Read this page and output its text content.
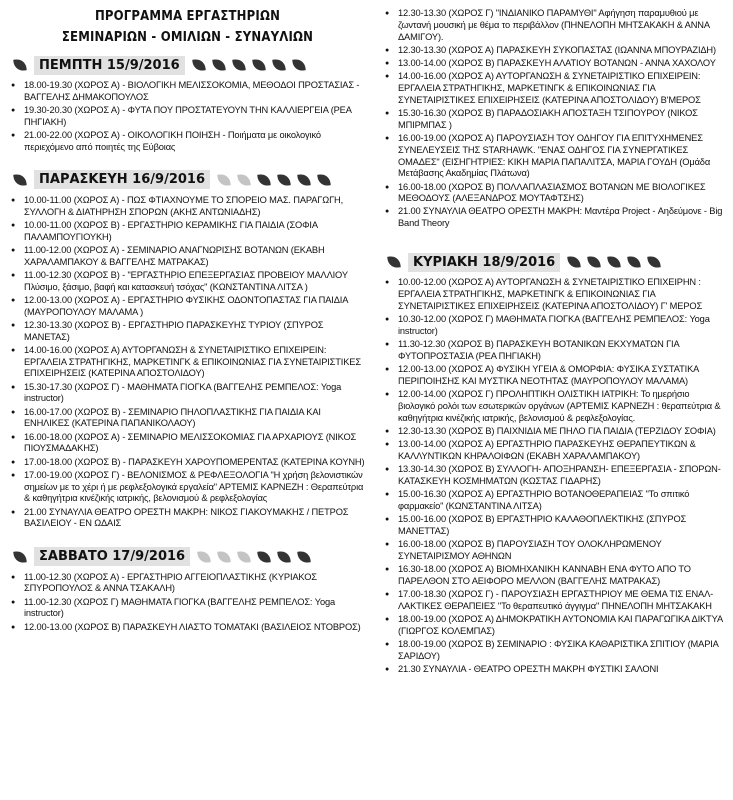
ΠΡΟΓΡΑΜΜΑ ΕΡΓΑΣΤΗΡΙΩΝ
ΣΕΜΙΝΑΡΙΩΝ - ΟΜΙΛΙΩΝ - ΣΥΝΑΥΛΙΩΝ
ΠΕΜΠΤΗ 15/9/2016
● 18.00-19.30 (ΧΩΡΟΣ Α) - ΒΙΟΛΟΓΙΚΗ ΜΕΛΙΣΣΟΚΟΜΙΑ, ΜΕΘΟΔΟΙ ΠΡΟΣΤΑΣΙΑΣ - ΒΑΓΓΕΛΗΣ ΔΗΜΑΚΟΠΟΥΛΟΣ
● 19.30-20.30 (ΧΩΡΟΣ Α) - ΦΥΤΑ ΠΟΥ ΠΡΟΣΤΑΤΕΥΟΥΝ ΤΗΝ ΚΑΛΛΙΕΡΓΕΙΑ (ΡΕΑ ΠΗΓΙΑΚΗ)
● 21.00-22.00 (ΧΩΡΟΣ Α) - ΟΙΚΟΛΟΓΙΚΗ ΠΟΙΗΣΗ - Ποιήματα με οικολογικό περιεχόμενο από ποιητές της Εύβοιας
ΠΑΡΑΣΚΕΥΗ 16/9/2016
● 10.00-11.00 (ΧΩΡΟΣ Α) - ΠΩΣ ΦΤΙΑΧΝΟΥΜΕ ΤΟ ΣΠΟΡΕΙΟ ΜΑΣ. ΠΑΡΑΓΩΓΗ, ΣΥΛΛΟΓΗ & ΔΙΑΤΗΡΗΣΗ ΣΠΟΡΩΝ (ΑΚΗΣ ΑΝΤΩΝΙΑΔΗΣ)
● 10.00-11.00 (ΧΩΡΟΣ Β) - ΕΡΓΑΣΤΗΡΙΟ ΚΕΡΑΜΙΚΗΣ ΓΙΑ ΠΑΙΔΙΑ (ΣΟΦΙΑ ΠΑΛΑΜΠΟΥΓΙΟΥΚΗ)
● 11.00-12.00 (ΧΩΡΟΣ Α) - ΣΕΜΙΝΑΡΙΟ ΑΝΑΓΝΩΡΙΣΗΣ ΒΟΤΑΝΩΝ (ΕΚΑΒΗ ΧΑΡΑΛΑΜΠΑΚΟΥ & ΒΑΓΓΕΛΗΣ ΜΑΤΡΑΚΑΣ)
● 11.00-12.30 (ΧΩΡΟΣ Β) - "ΕΡΓΑΣΤΗΡΙΟ ΕΠΕΞΕΡΓΑΣΙΑΣ ΠΡΟΒΕΙΟΥ ΜΑΛΛΙΟΥ Πλύσιμο, ξάσιμο, βαφή και κατασκευή τσόχας" (ΚΩΝΣΤΑΝΤΙΝΑ ΛΙΤΣΑ )
● 12.00-13.00 (ΧΩΡΟΣ Α) - ΕΡΓΑΣΤΗΡΙΟ ΦΥΣΙΚΗΣ ΟΔΟΝΤΟΠΑΣΤΑΣ ΓΙΑ ΠΑΙΔΙΑ (ΜΑΥΡΟΠΟΥΛΟΥ ΜΑΛΑΜΑ )
● 12.30-13.30 (ΧΩΡΟΣ Β) - ΕΡΓΑΣΤΗΡΙΟ ΠΑΡΑΣΚΕΥΗΣ ΤΥΡΙΟΥ (ΣΠΥΡΟΣ ΜΑΝΕΤΑΣ)
● 14.00-16.00 (ΧΩΡΟΣ Α) ΑΥΤΟΡΓΑΝΩΣΗ & ΣΥΝΕΤΑΙΡΙΣΤΙΚΟ ΕΠΙΧΕΙΡΕΙΝ: ΕΡΓΑΛΕΙΑ ΣΤΡΑΤΗΓΙΚΗΣ, ΜΑΡΚΕΤΙΝΓΚ & ΕΠΙΚΟΙΝΩΝΙΑΣ ΓΙΑ ΣΥΝΕΤΑΙΡΙΣΤΙΚΕΣ ΕΠΙΧΕΙΡΗΣΕΙΣ (ΚΑΤΕΡΙΝΑ ΑΠΟΣΤΟΛΙΔΟΥ)
● 15.30-17.30 (ΧΩΡΟΣ Γ) - ΜΑΘΗΜΑΤΑ ΓΙΟΓΚΑ (ΒΑΓΓΕΛΗΣ ΡΕΜΠΕΛΟΣ: Yoga instructor)
● 16.00-17.00 (ΧΩΡΟΣ Β) - ΣΕΜΙΝΑΡΙΟ ΠΗΛΟΠΛΑΣΤΙΚΗΣ ΓΙΑ ΠΑΙΔΙΑ ΚΑΙ ΕΝΗΛΙΚΕΣ (ΚΑΤΕΡΙΝΑ ΠΑΠΑΝΙΚΟΛΑΟΥ)
● 16.00-18.00 (ΧΩΡΟΣ Α) - ΣΕΜΙΝΑΡΙΟ ΜΕΛΙΣΣΟΚΟΜΙΑΣ ΓΙΑ ΑΡΧΑΡΙΟΥΣ (ΝΙΚΟΣ ΠΙΟΥΣΜΑΔΑΚΗΣ)
● 17.00-18.00 (ΧΩΡΟΣ Β) - ΠΑΡΑΣΚΕΥΗ ΧΑΡΟΥΠΟΜΕΡΕΝΤΑΣ (ΚΑΤΕΡΙΝΑ ΚΟΥΝΗ)
● 17.00-19.00 (ΧΩΡΟΣ Γ) - ΒΕΛΟΝΙΣΜΟΣ & ΡΕΦΛΕΞΟΛΟΓΙΑ "Η χρήση βελονιστικών σημείων με το χέρι ή με ρεφλεξολογικά εργαλεία" ΑΡΤΕΜΙΣ ΚΑΡΝΕΖΗ : Θεραπεύτρια & καθηγήτρια κινέζικής ιατρικής, βελονισμού & ρεφλεξολογίας
● 21.00 ΣΥΝΑΥΛΙΑ ΘΕΑΤΡΟ ΟΡΕΣΤΗ ΜΑΚΡΗ: ΝΙΚΟΣ ΓΙΑΚΟΥΜΑΚΗΣ / ΠΕΤΡΟΣ ΒΑΣΙΛΕΙΟΥ - ΕΝ ΩΔΑΙΣ
ΣΑΒΒΑΤΟ 17/9/2016
● 11.00-12.30 (ΧΩΡΟΣ Α) - ΕΡΓΑΣΤΗΡΙΟ ΑΓΓΕΙΟΠΛΑΣΤΙΚΗΣ (ΚΥΡΙΑΚΟΣ ΣΠΥΡΟΠΟΥΛΟΣ & ΑΝΝΑ ΤΣΑΚΑΛΗ)
● 11.00-12.30 (ΧΩΡΟΣ Γ) ΜΑΘΗΜΑΤΑ ΓΙΟΓΚΑ (ΒΑΓΓΕΛΗΣ ΡΕΜΠΕΛΟΣ: Yoga instructor)
● 12.00-13.00 (ΧΩΡΟΣ Β) ΠΑΡΑΣΚΕΥΗ ΛΙΑΣΤΟ ΤΟΜΑΤΑΚΙ (ΒΑΣΙΛΕΙΟΣ ΝΤΟΒΡΟΣ)
● 12.30-13.30 (ΧΩΡΟΣ Γ) "ΙΝΔΙΑΝΙΚΟ ΠΑΡΑΜΥΘΙ" Αφήγηση παραμυθιού με ζωντανή μουσική με θέμα το περιβάλλον (ΠΗΝΕΛΟΠΗ ΜΗΤΣΑΚΑΚΗ & ΑΝΝΑ ΔΑΜΙΓΟΥ).
● 12.30-13.30 (ΧΩΡΟΣ Α) ΠΑΡΑΣΚΕΥΗ ΣΥΚΟΠΑΣΤΑΣ (ΙΩΑΝΝΑ ΜΠΟΥΡΑΖΙΔΗ)
● 13.00-14.00 (ΧΩΡΟΣ Β) ΠΑΡΑΣΚΕΥΗ ΑΛΑΤΙΟΥ ΒΟΤΑΝΩΝ - ΑΝΝΑ ΧΑΧΟΛΟΥ
● 14.00-16.00 (ΧΩΡΟΣ Α) ΑΥΤΟΡΓΑΝΩΣΗ & ΣΥΝΕΤΑΙΡΙΣΤΙΚΟ ΕΠΙΧΕΙΡΕΙΝ: ΕΡΓΑΛΕΙΑ ΣΤΡΑΤΗΓΙΚΗΣ, ΜΑΡΚΕΤΙΝΓΚ & ΕΠΙΚΟΙΝΩΝΙΑΣ ΓΙΑ ΣΥΝΕΤΑΙΡΙΣΤΙΚΕΣ ΕΠΙΧΕΙΡΗΣΕΙΣ (ΚΑΤΕΡΙΝΑ ΑΠΟΣΤΟΛΙΔΟΥ) Β'ΜΕΡΟΣ
● 15.30-16.30 (ΧΩΡΟΣ Β) ΠΑΡΑΔΟΣΙΑΚΗ ΑΠΟΣΤΑΞΗ ΤΣΙΠΟΥΡΟΥ (ΝΙΚΟΣ ΜΠΙΡΜΠΑΣ )
● 16.00-19.00 (ΧΩΡΟΣ Α) ΠΑΡΟΥΣΙΑΣΗ ΤΟΥ ΟΔΗΓΟΥ ΓΙΑ ΕΠΙΤΥΧΗΜΕΝΕΣ ΣΥΝΕΛΕΥΣΕΙΣ ΤΗΣ STARHAWK. "ΕΝΑΣ ΟΔΗΓΟΣ ΓΙΑ ΣΥΝΕΡΓΑΤΙΚΕΣ ΟΜΑΔΕΣ" (ΕΙΣΗΓΗΤΡΙΕΣ: ΚΙΚΗ ΜΑΡΙΑ ΠΑΠΑΛΙΤΣΑ, ΜΑΡΙΑ ΓΟΥΔΗ (Ομάδα Μετάβασης Ακαδημίας Πλάτωνα)
● 16.00-18.00 (ΧΩΡΟΣ Β) ΠΟΛΛΑΠΛΑΣΙΑΣΜΟΣ ΒΟΤΑΝΩΝ ΜΕ ΒΙΟΛΟΓΙΚΕΣ ΜΕΘΟΔΟΥΣ (ΑΛΕΞΑΝΔΡΟΣ ΜΟΥΤΑΦΤΣΗΣ)
● 21.00 ΣΥΝΑΥΛΙΑ ΘΕΑΤΡΟ ΟΡΕΣΤΗ ΜΑΚΡΗ: Μαντέρα Project - Αηδεύμονε - Big Band Theory
ΚΥΡΙΑΚΗ 18/9/2016
● 10.00-12.00 (ΧΩΡΟΣ Α) ΑΥΤΟΡΓΑΝΩΣΗ & ΣΥΝΕΤΑΙΡΙΣΤΙΚΟ ΕΠΙΧΕΙΡΗΝ : ΕΡΓΑΛΕΙΑ ΣΤΡΑΤΗΓΙΚΗΣ, ΜΑΡΚΕΤΙΝΓΚ & ΕΠΙΚΟΙΝΩΝΙΑΣ ΓΙΑ ΣΥΝΕΤΑΙΡΙΣΤΙΚΕΣ ΕΠΙΧΕΙΡΗΣΕΙΣ (ΚΑΤΕΡΙΝΑ ΑΠΟΣΤΟΛΙΔΟΥ) Γ' ΜΕΡΟΣ
● 10.30-12.00 (ΧΩΡΟΣ Γ) ΜΑΘΗΜΑΤΑ ΓΙΟΓΚΑ (ΒΑΓΓΕΛΗΣ ΡΕΜΠΕΛΟΣ: Yoga instructor)
● 11.30-12.30 (ΧΩΡΟΣ Β) ΠΑΡΑΣΚΕΥΗ ΒΟΤΑΝΙΚΩΝ ΕΚΧΥΜΑΤΩΝ ΓΙΑ ΦΥΤΟΠΡΟΣΤΑΣΙΑ (ΡΕΑ ΠΗΓΙΑΚΗ)
● 12.00-13.00 (ΧΩΡΟΣ Α) ΦΥΣΙΚΗ ΥΓΕΙΑ & ΟΜΟΡΦΙΑ: ΦΥΣΙΚΑ ΣΥΣΤΑΤΙΚΑ ΠΕΡΙΠΟΙΗΣΗΣ ΚΑΙ ΜΥΣΤΙΚΑ ΝΕΟΤΗΤΑΣ (ΜΑΥΡΟΠΟΥΛΟΥ ΜΑΛΑΜΑ)
● 12.00-14.00 (ΧΩΡΟΣ Γ) ΠΡΟΛΗΠΤΙΚΗ ΟΛΙΣΤΙΚΗ ΙΑΤΡΙΚΗ: Το ημερήσιο βιολογικό ρολόι των εσωτερικών οργάνων (ΑΡΤΕΜΙΣ ΚΑΡΝΕΖΗ : θεραπεύτρια & καθηγήτρια κινέζικής ιατρικής, βελονισμού & ρεφλεξολογίας.
● 12.30-13.30 (ΧΩΡΟΣ Β) ΠΑΙΧΝΙΔΙΑ ΜΕ ΠΗΛΟ ΓΙΑ ΠΑΙΔΙΑ (ΤΕΡΖΙΔΟΥ ΣΟΦΙΑ)
● 13.00-14.00 (ΧΩΡΟΣ Α) ΕΡΓΑΣΤΗΡΙΟ ΠΑΡΑΣΚΕΥΗΣ ΘΕΡΑΠΕΥΤΙΚΩΝ & ΚΑΛΛΥΝΤΙΚΩΝ ΚΗΡΑΛΟΙΦΩΝ (ΕΚΑΒΗ ΧΑΡΑΛΑΜΠΑΚΟΥ)
● 13.30-14.30 (ΧΩΡΟΣ Β) ΣΥΛΛΟΓΗ- ΑΠΟΞΗΡΑΝΣΗ- ΕΠΕΞΕΡΓΑΣΙΑ - ΣΠΟΡΩΝ-ΚΑΤΑΣΚΕΥΗ ΚΟΣΜΗΜΑΤΩΝ (ΚΩΣΤΑΣ ΓΙΔΑΡΗΣ)
● 15.00-16.30 (ΧΩΡΟΣ Α) ΕΡΓΑΣΤΗΡΙΟ ΒΟΤΑΝΟΘΕΡΑΠΕΙΑΣ "Το σπιτικό φαρμακείο" (ΚΩΝΣΤΑΝΤΙΝΑ ΛΙΤΣΑ)
● 15.00-16.00 (ΧΩΡΟΣ Β) ΕΡΓΑΣΤΗΡΙΟ ΚΑΛΑΘΟΠΛΕΚΤΙΚΗΣ (ΣΠΥΡΟΣ ΜΑΝΕΤΤΑΣ)
● 16.00-18.00 (ΧΩΡΟΣ Β) ΠΑΡΟΥΣΙΑΣΗ ΤΟΥ ΟΛΟΚΛΗΡΩΜΕΝΟΥ ΣΥΝΕΤΑΙΡΙΣΜΟΥ ΑΘΗΝΩΝ
● 16.30-18.00 (ΧΩΡΟΣ Α) ΒΙΟΜΗΧΑΝΙΚΗ ΚΑΝΝΑΒΗ ΕΝΑ ΦΥΤΟ ΑΠΟ ΤΟ ΠΑΡΕΛΘΟΝ ΣΤΟ ΑΕΙΦΟΡΟ ΜΕΛΛΟΝ (ΒΑΓΓΕΛΗΣ ΜΑΤΡΑΚΑΣ)
● 17.00-18.30 (ΧΩΡΟΣ Γ) - ΠΑΡΟΥΣΙΑΣΗ ΕΡΓΑΣΤΗΡΙΟΥ ΜΕ ΘΕΜΑ ΤΙΣ ΕΝΑΛ-ΛΑΚΤΙΚΕΣ ΘΕΡΑΠΕΙΕΣ "Το θεραπευτικό άγγιγμα" ΠΗΝΕΛΟΠΗ ΜΗΤΣΑΚΑΚΗ
● 18.00-19.00 (ΧΩΡΟΣ Α) ΔΗΜΟΚΡΑΤΙΚΗ ΑΥΤΟΝΟΜΙΑ ΚΑΙ ΠΑΡΑΓΩΓΙΚΑ ΔΙΚΤΥΑ (ΓΙΩΡΓΟΣ ΚΟΛΕΜΠΑΣ)
● 18.00-19.00 (ΧΩΡΟΣ Β) ΣΕΜΙΝΑΡΙΟ : ΦΥΣΙΚΑ ΚΑΘΑΡΙΣΤΙΚΑ ΣΠΙΤΙΟΥ (ΜΑΡΙΑ ΣΑΡΙΔΟΥ)
● 21.30 ΣΥΝΑΥΛΙΑ - ΘΕΑΤΡΟ ΟΡΕΣΤΗ ΜΑΚΡΗ ΦΥΣΤΙΚΙ ΣΑΛΟΝΙ
